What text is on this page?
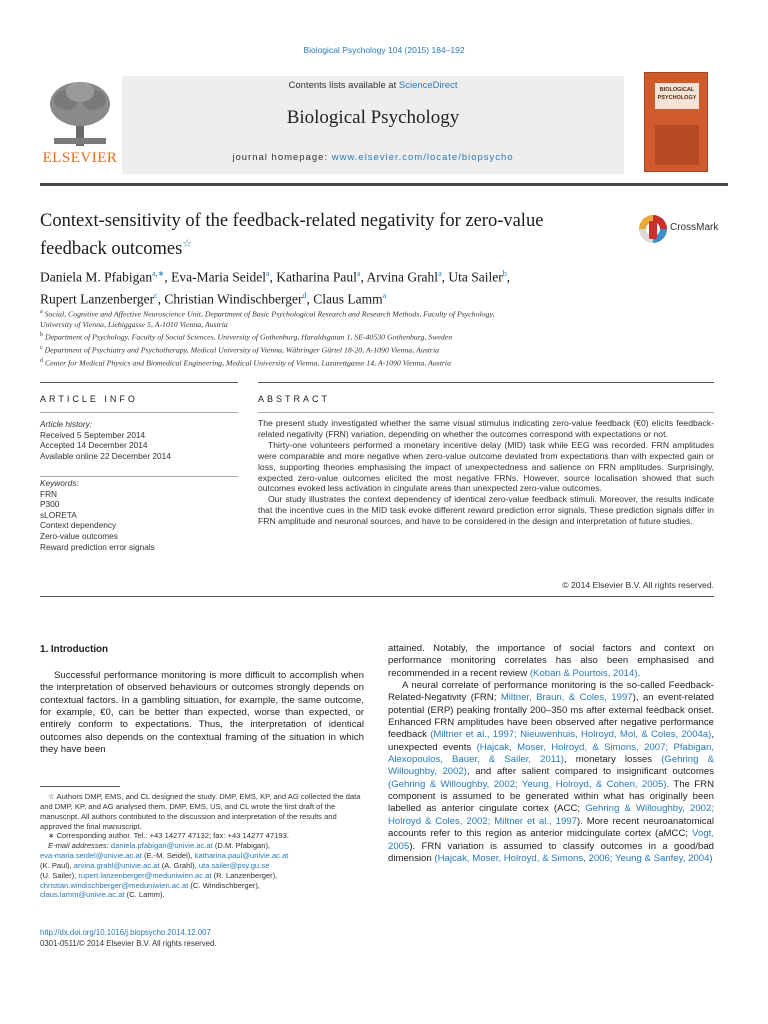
Biological Psychology 104 (2015) 184–192
ELSEVIER
Contents lists available at ScienceDirect
Biological Psychology
journal homepage: www.elsevier.com/locate/biopsycho
BIOLOGICAL
PSYCHOLOGY
Context-sensitivity of the feedback-related negativity for zero-value
feedback outcomes☆
CrossMark
Daniela M. Pfabigan$^{a,∗}$, Eva-Maria Seidel$^a$, Katharina Paul$^a$, Arvina Grahl$^a$, Uta Sailer$^b$,
Rupert Lanzenberger$^c$, Christian Windischberger$^d$, Claus Lamm$^a$
$^a$ Social, Cognitive and Affective Neuroscience Unit, Department of Basic Psychological Research and Research Methods, Faculty of Psychology,
University of Vienna, Liebiggasse 5, A-1010 Vienna, Austria
$^b$ Department of Psychology, Faculty of Social Sciences, University of Gothenburg, Haraldsgatan 1, SE-40530 Gothenburg, Sweden
$^c$ Department of Psychiatry and Psychotherapy, Medical University of Vienna, Währinger Gürtel 18-20, A-1090 Vienna, Austria
$^d$ Center for Medical Physics and Biomedical Engineering, Medical University of Vienna, Lazarettgasse 14, A-1090 Vienna, Austria
ARTICLE INFO	ABSTRACT
Article history:
Received 5 September 2014
Accepted 14 December 2014
Available online 22 December 2014
Keywords:
FRN
P300
sLORETA
Context dependency
Zero-value outcomes
Reward prediction error signals

The present study investigated whether the same visual stimulus indicating zero-value feedback (€0) elicits feedback-related negativity (FRN) variation, depending on whether the outcomes correspond with expectations or not.

Thirty-one volunteers performed a monetary incentive delay (MID) task while EEG was recorded. FRN amplitudes were comparable and more negative when zero-value outcome deviated from expectations than with expected gain or loss, supporting theories emphasising the impact of unexpectedness and salience on FRN amplitudes. Surprisingly, expected zero-value outcomes elicited the most negative FRNs. However, source localisation showed that such outcomes evoked less activation in cingulate areas than unexpected zero-value outcomes.

Our study illustrates the context dependency of identical zero-value feedback stimuli. Moreover, the results indicate that the incentive cues in the MID task evoke different reward prediction error signals. These prediction signals differ in FRN amplitude and neuronal sources, and have to be considered in the design and interpretation of future studies.

© 2014 Elsevier B.V. All rights reserved.
1. Introduction

Successful performance monitoring is more difficult to accomplish when the interpretation of observed behaviours or outcomes strongly depends on contextual factors. In a gambling situation, for example, the same outcome, for example, €0, can be better than expected, worse than expected, or entirely conform to expectations. Thus, the interpretation of identical outcomes also depends on the contextual framing of the situation in which they have been

attained. Notably, the importance of social factors and context on performance monitoring correlates has also been emphasised and recommended in a recent review (Koban & Pourtois, 2014).

A neural correlate of performance monitoring is the so-called Feedback-Related-Negativity (FRN; Miltner, Braun, & Coles, 1997), an event-related potential (ERP) peaking frontally 200–350 ms after external feedback onset. Enhanced FRN amplitudes have been observed after negative performance feedback (Miltner et al., 1997; Nieuwenhuis, Holroyd, Mol, & Coles, 2004a), unexpected events (Hajcak, Moser, Holroyd, & Simons, 2007; Pfabigan, Alexopoulos, Bauer, & Sailer, 2011), monetary losses (Gehring & Willoughby, 2002), and after salient compared to insignificant outcomes (Gehring & Willoughby, 2002; Yeung, Holroyd, & Cohen, 2005). The FRN component is assumed to be generated within what has originally been labelled as anterior cingulate cortex (ACC; Gehring & Willoughby, 2002; Holroyd & Coles, 2002; Miltner et al., 1997). More recent neuroanatomical accounts refer to this region as anterior midcingulate cortex (aMCC; Vogt, 2005). FRN variation is assumed to classify outcomes in a good/bad dimension (Hajcak, Moser, Holroyd, & Simons, 2006; Yeung & Sanfey, 2004)

☆ Authors DMP, EMS, and CL designed the study. DMP, EMS, KP, and AG collected the data and DMP, KP, and AG analysed them. DMP, EMS, US, and CL wrote the first draft of the manuscript. All authors contributed to the discussion and interpretation of the results and approved the final manuscript.

∗ Corresponding author. Tel.: +43 14277 47132; fax: +43 14277 47193.

E-mail addresses: daniela.pfabigan@univie.ac.at (D.M. Pfabigan),
eva-maria.seidel@univie.ac.at (E.-M. Seidel), katharina.paul@univie.ac.at
(K. Paul), arvina.grahl@univie.ac.at (A. Grahl), uta.sailer@psy.gu.se
(U. Sailer), rupert.lanzenberger@meduniwien.ac.at (R. Lanzenberger),
christian.windischberger@meduniwien.ac.at (C. Windischberger),
claus.lamm@univie.ac.at (C. Lamm).

http://dx.doi.org/10.1016/j.biopsycho.2014.12.007
0301-0511/© 2014 Elsevier B.V. All rights reserved.
